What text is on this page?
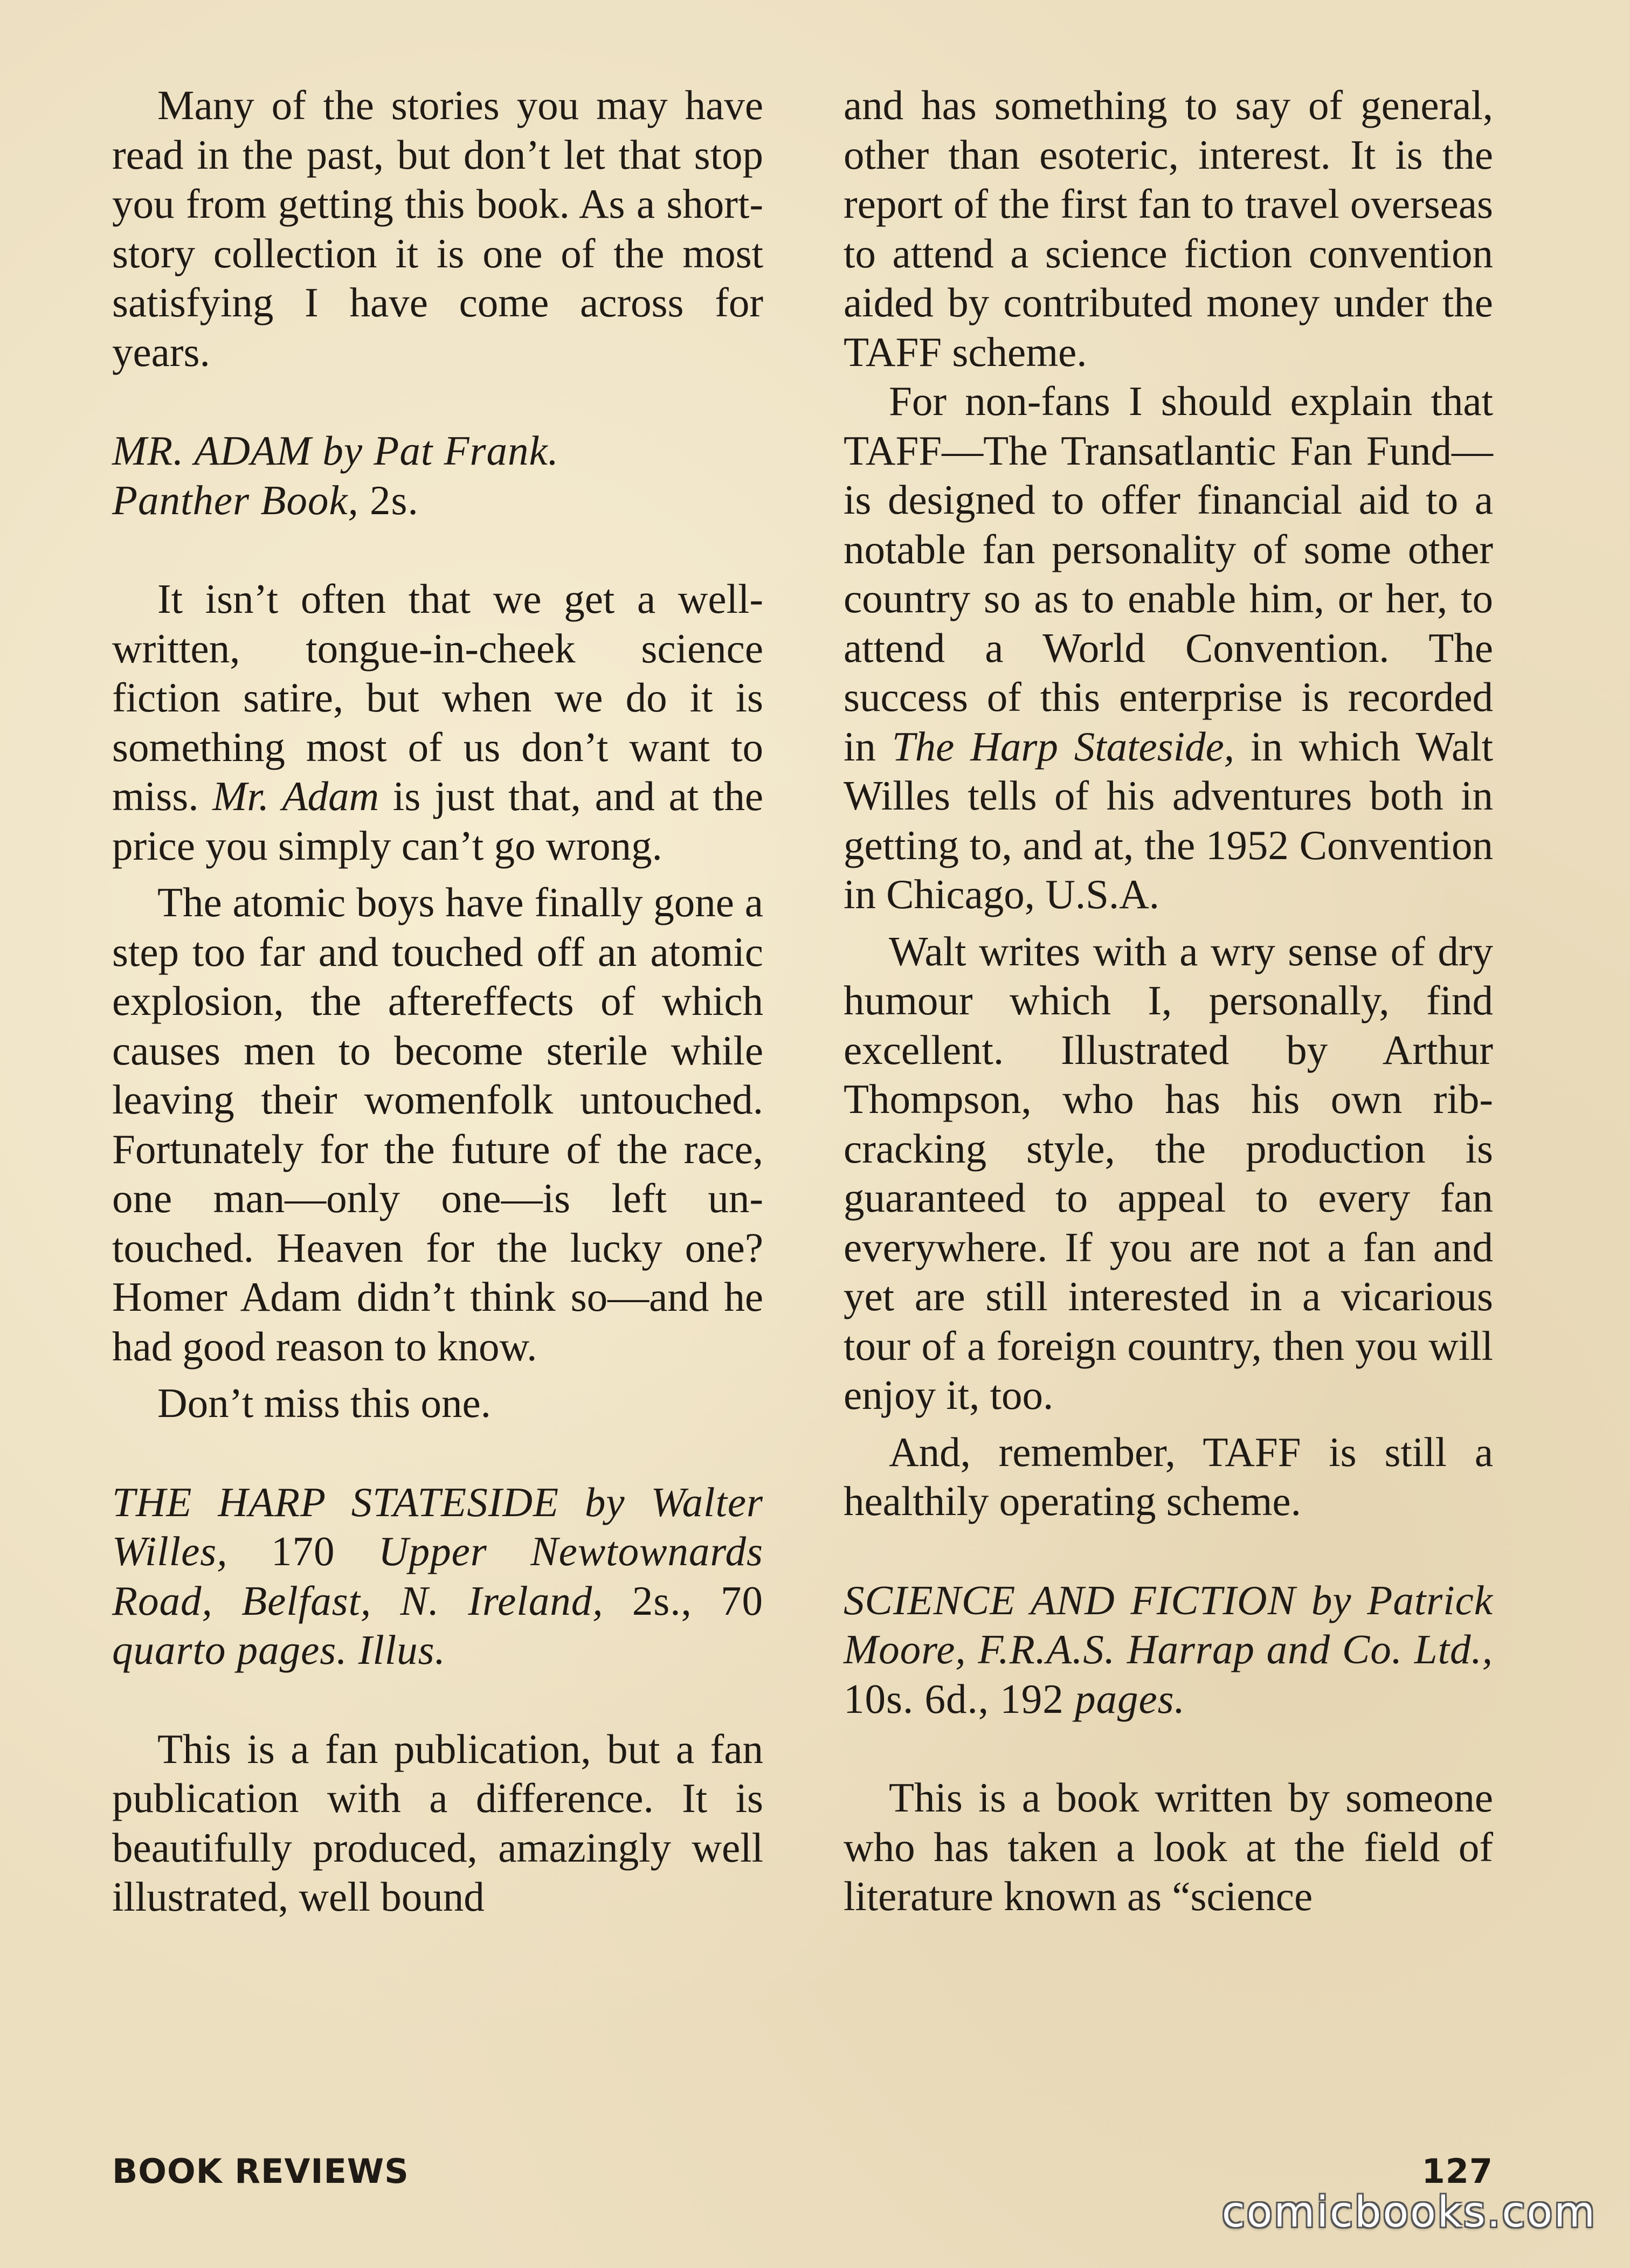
Many of the stories you may have read in the past, but don’t let that stop you from getting this book. As a short-story collection it is one of the most satisfying I have come across for years.

MR. ADAM by Pat Frank.
Panther Book, 2s.

It isn’t often that we get a well-written, tongue-in-cheek science fiction satire, but when we do it is something most of us don’t want to miss. Mr. Adam is just that, and at the price you simply can’t go wrong.

The atomic boys have finally gone a step too far and touched off an atomic explosion, the aftereffects of which causes men to become sterile while leaving their womenfolk untouched. Fortunately for the future of the race, one man—only one—is left untouched. Heaven for the lucky one? Homer Adam didn’t think so—and he had good reason to know.

Don’t miss this one.

THE HARP STATESIDE by Walter Willes, 170 Upper Newtownards Road, Belfast, N. Ireland, 2s., 70 quarto pages. Illus.

This is a fan publication, but a fan publication with a difference. It is beautifully produced, amazingly well illustrated, well bound

and has something to say of general, other than esoteric, interest. It is the report of the first fan to travel overseas to attend a science fiction convention aided by contributed money under the TAFF scheme.

For non-fans I should explain that TAFF—The Transatlantic Fan Fund—is designed to offer financial aid to a notable fan personality of some other country so as to enable him, or her, to attend a World Convention. The success of this enterprise is recorded in The Harp Stateside, in which Walt Willes tells of his adventures both in getting to, and at, the 1952 Convention in Chicago, U.S.A.

Walt writes with a wry sense of dry humour which I, personally, find excellent. Illustrated by Arthur Thompson, who has his own rib-cracking style, the production is guaranteed to appeal to every fan everywhere. If you are not a fan and yet are still interested in a vicarious tour of a foreign country, then you will enjoy it, too.

And, remember, TAFF is still a healthily operating scheme.

SCIENCE AND FICTION by Patrick Moore, F.R.A.S. Harrap and Co. Ltd., 10s. 6d., 192 pages.

This is a book written by someone who has taken a look at the field of literature known as “science

BOOK REVIEWS	127
comicbooks.com
